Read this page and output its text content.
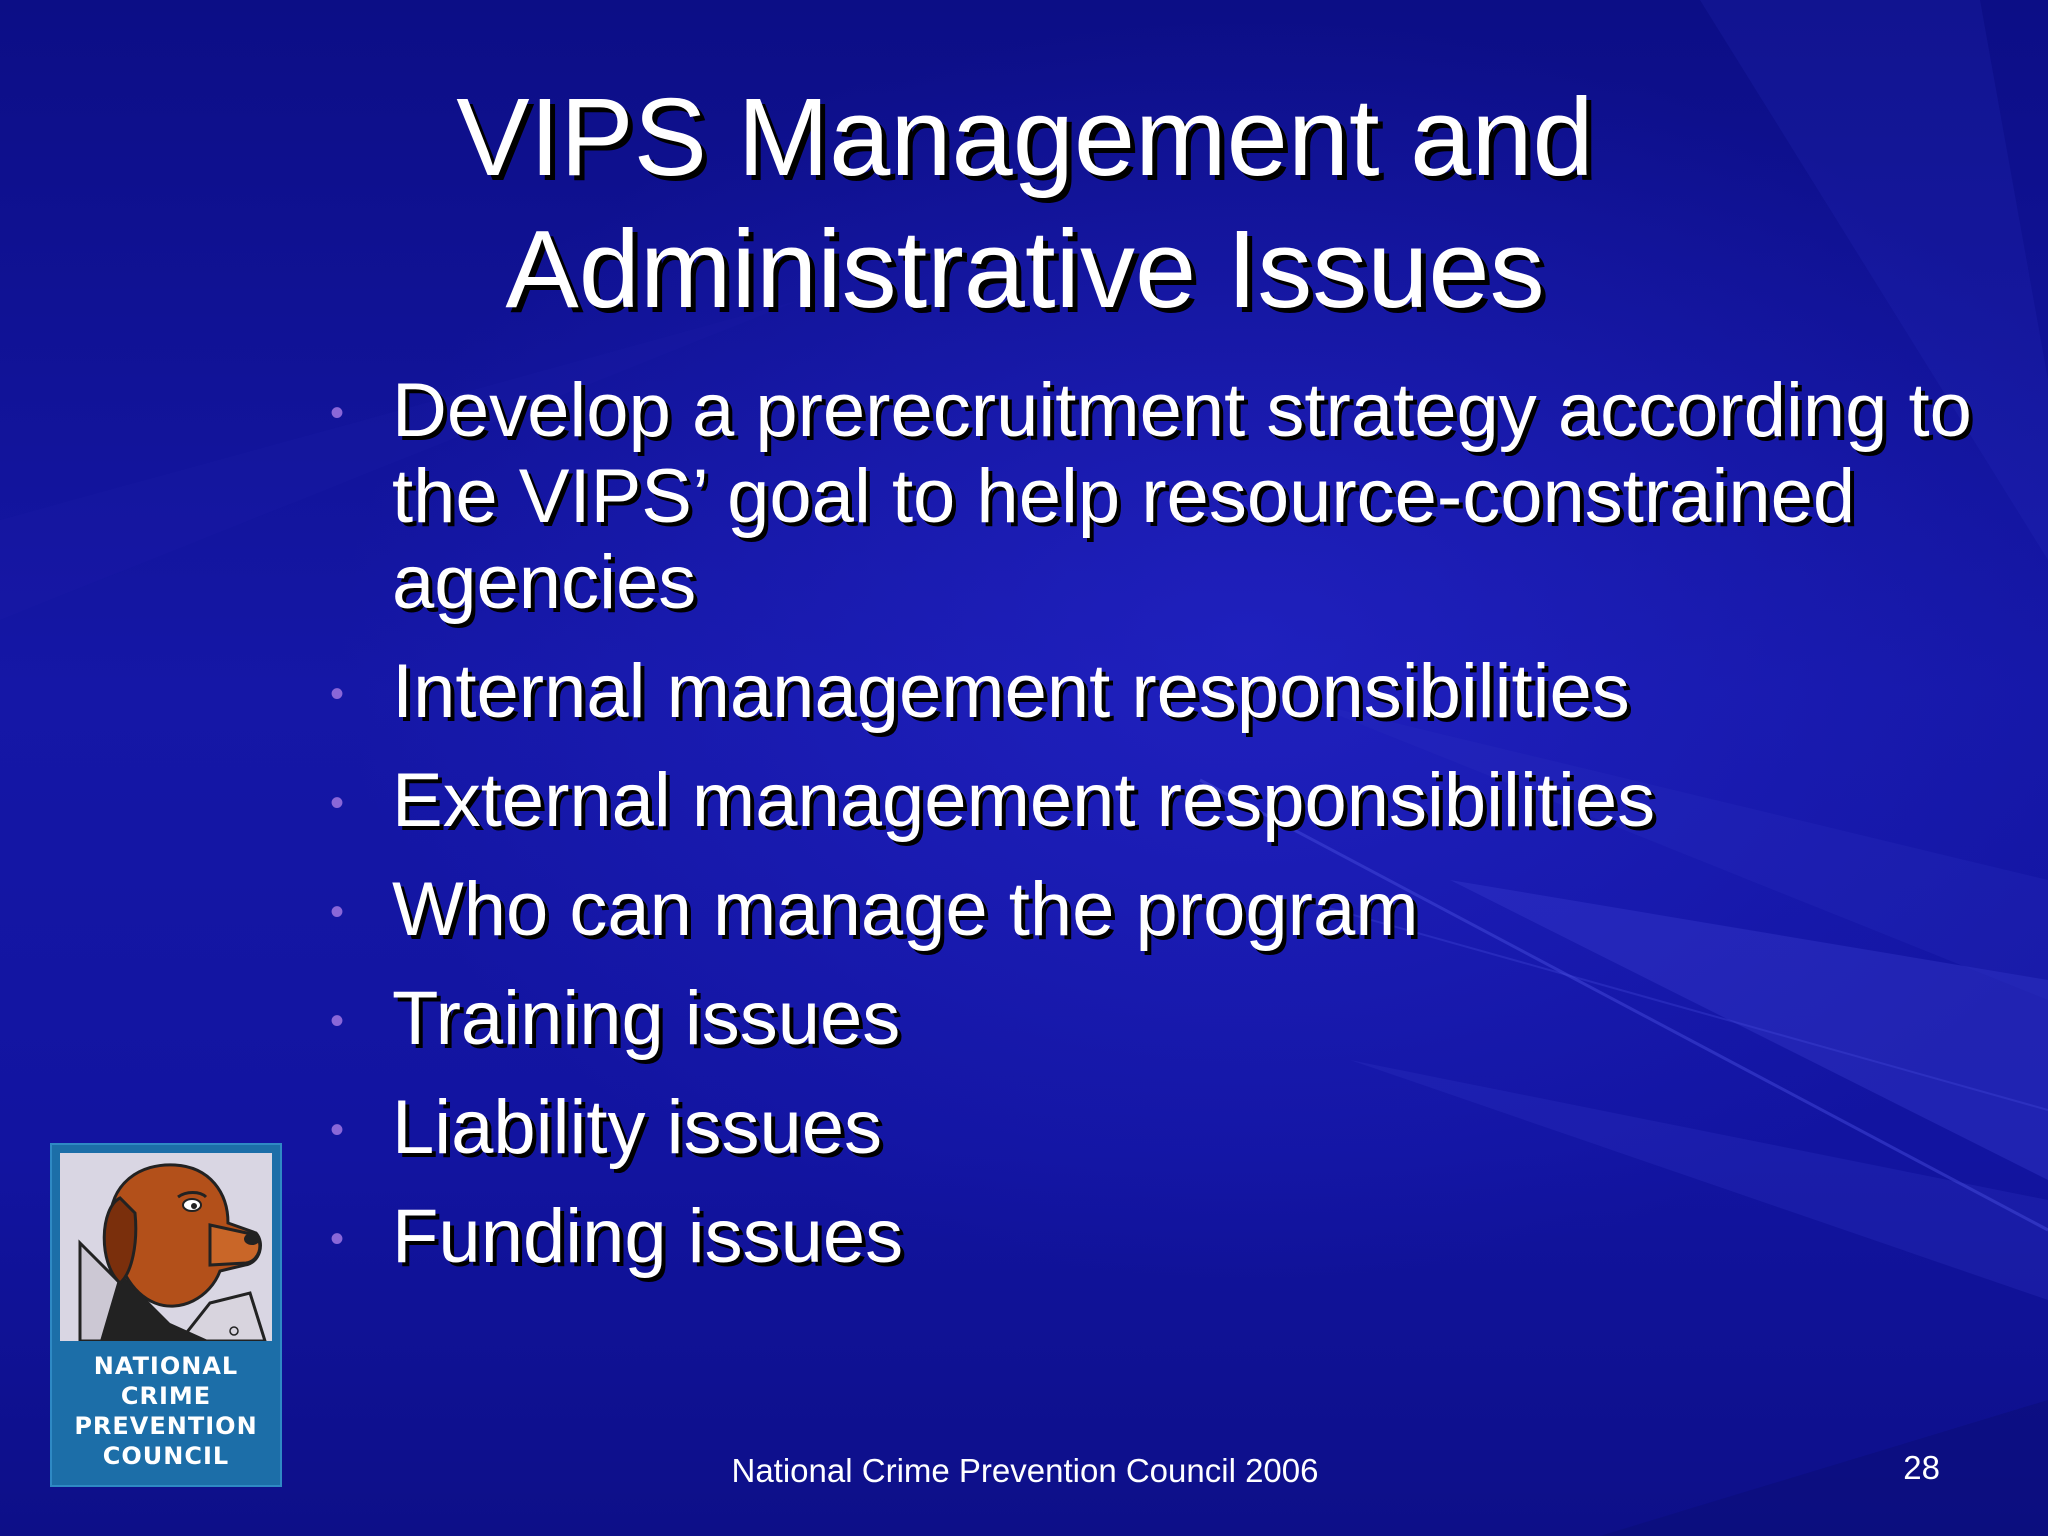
VIPS Management and
Administrative Issues
• Develop a prerecruitment strategy according to the VIPS’ goal to help resource-constrained agencies
• Internal management responsibilities
• External management responsibilities
• Who can manage the program
• Training issues
• Liability issues
• Funding issues
NATIONAL
CRIME
PREVENTION
COUNCIL	National Crime Prevention Council 2006	28
